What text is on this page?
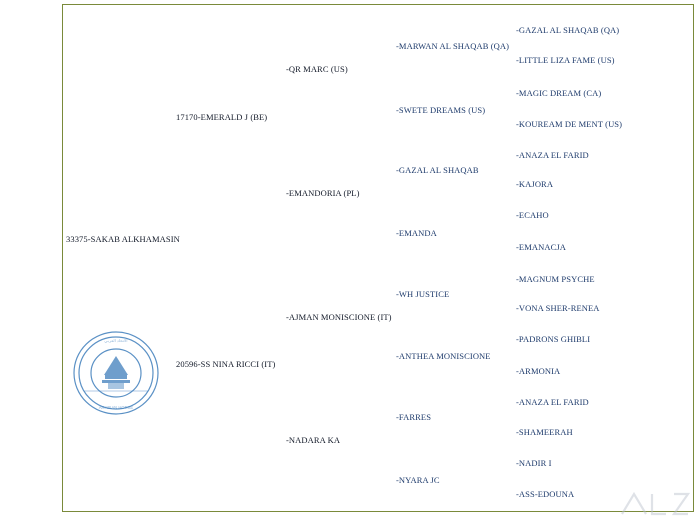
33375-SAKAB ALKHAMASIN
17170-EMERALD J (BE)
20596-SS NINA RICCI (IT)
-QR MARC (US)
-EMANDORIA (PL)
-AJMAN MONISCIONE (IT)
-NADARA KA
-MARWAN AL SHAQAB (QA)
-SWETE DREAMS (US)
-GAZAL AL SHAQAB
-EMANDA
-WH JUSTICE
-ANTHEA MONISCIONE
-FARRES
-NYARA JC
-GAZAL AL SHAQAB (QA)
-LITTLE LIZA FAME (US)
-MAGIC DREAM (CA)
-KOUREAM DE MENT (US)
-ANAZA EL FARID
-KAJORA
-ECAHO
-EMANACJA
-MAGNUM PSYCHE
-VONA SHER-RENEA
-PADRONS GHIBLI
-ARMONIA
-ANAZA EL FARID
-SHAMEERAH
-NADIR I
-ASS-EDOUNA
الاتحاد العربي
ARABIAN HORSE
